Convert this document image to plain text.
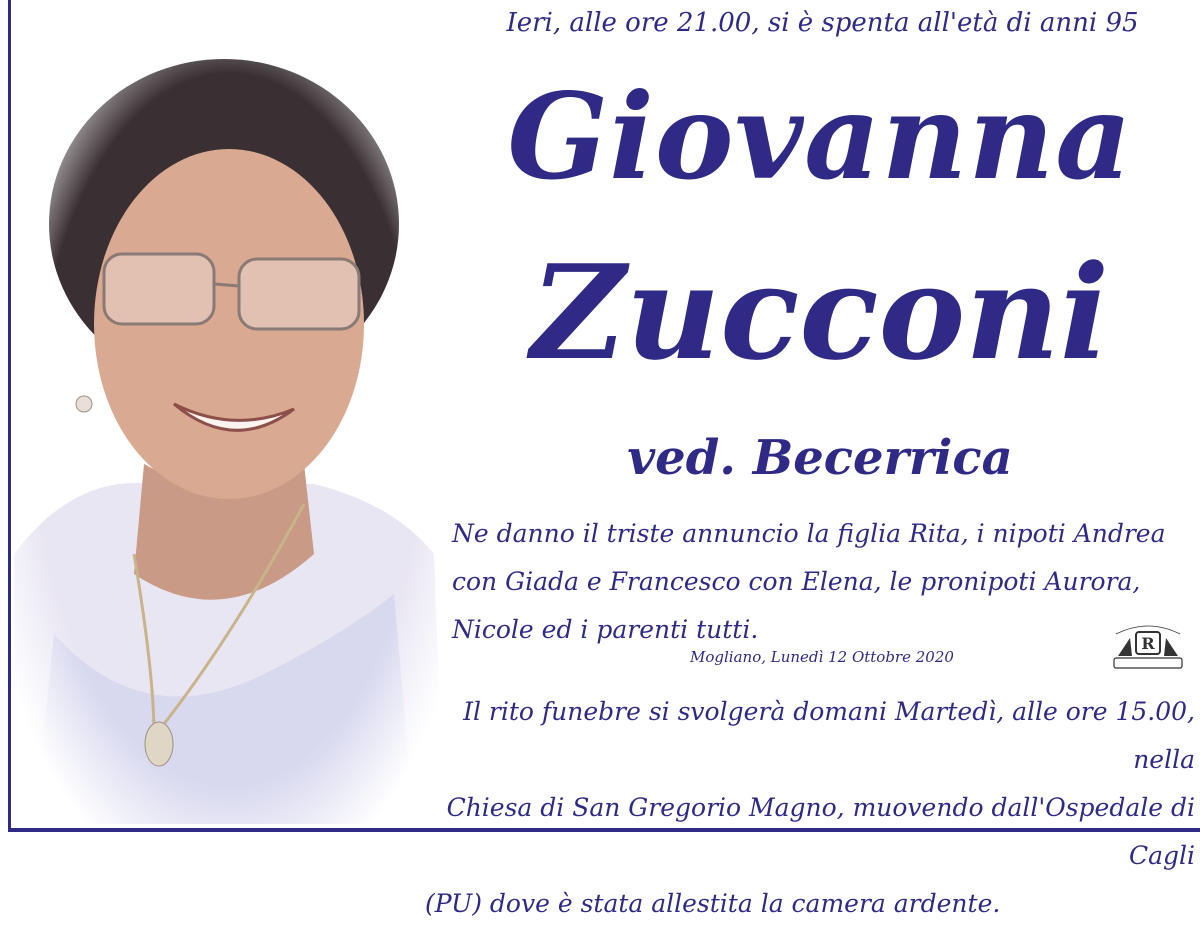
Ieri, alle ore 21.00, si è spenta all'età di anni 95
Giovanna
Zucconi
ved. Becerrica
Ne danno il triste annuncio la figlia Rita, i nipoti Andrea con Giada e Francesco con Elena, le pronipoti Aurora, Nicole ed i parenti tutti.
Mogliano, Lunedì 12 Ottobre 2020
R
Il rito funebre si svolgerà domani Martedì, alle ore 15.00, nella
Chiesa di San Gregorio Magno, muovendo dall'Ospedale di Cagli
(PU) dove è stata allestita la camera ardente.
